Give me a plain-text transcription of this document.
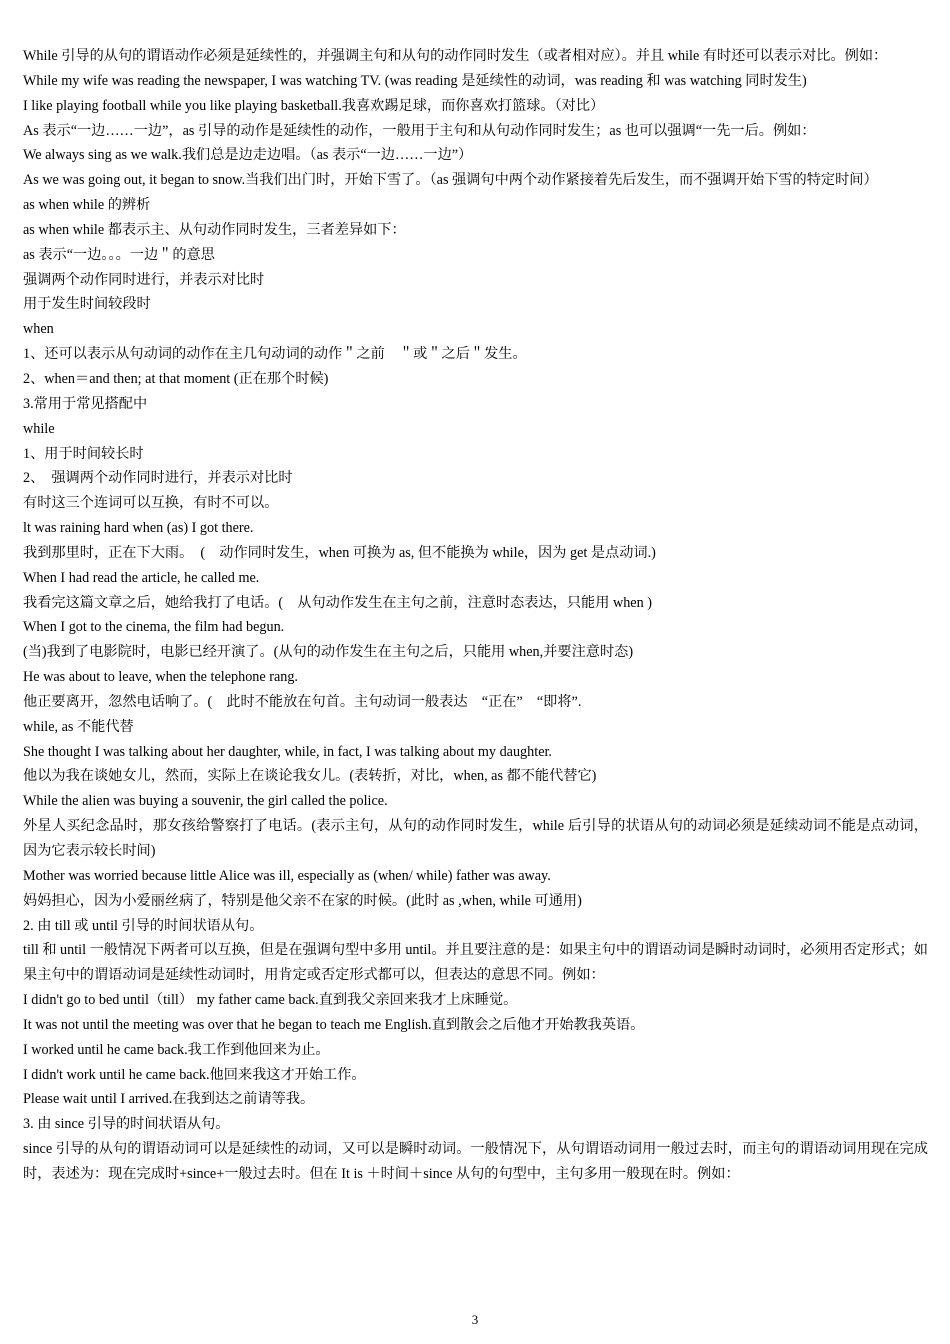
While 引导的从句的谓语动作必须是延续性的，并强调主句和从句的动作同时发生（或者相对应）。并且 while 有时还可以表示对比。例如：
While my wife was reading the newspaper, I was watching TV. (was reading 是延续性的动词，was reading 和 was watching 同时发生)
I like playing football while you like playing basketball.我喜欢踢足球，而你喜欢打篮球。（对比）
As 表示“一边……一边”，as 引导的动作是延续性的动作，一般用于主句和从句动作同时发生；as 也可以强调“一先一后。例如：
We always sing as we walk.我们总是边走边唱。（as 表示“一边……一边”）
As we was going out, it began to snow.当我们出门时，开始下雪了。（as 强调句中两个动作紧接着先后发生，而不强调开始下雪的特定时间）
as when while 的辨析
as when while 都表示主、从句动作同时发生，三者差异如下：
as 表示“一边。。。一边＂的意思
强调两个动作同时进行，并表示对比时
用于发生时间较段时
when
1、还可以表示从句动词的动作在主几句动词的动作＂之前　＂或＂之后＂发生。
2、when＝and then; at that moment (正在那个时候)
3.常用于常见搭配中
while
1、用于时间较长时
2、　强调两个动作同时进行，并表示对比时
有时这三个连词可以互换，有时不可以。
lt was raining hard when (as) I got there.
我到那里时，正在下大雨。　(　动作同时发生，when 可换为 as, 但不能换为 while，因为 get 是点动词.)
When I had read the article, he called me.
我看完这篇文章之后，她给我打了电话。(　从句动作发生在主句之前，注意时态表达，只能用 when )
When I got to the cinema, the film had begun.
(当)我到了电影院时，电影已经开演了。(从句的动作发生在主句之后，只能用 when,并要注意时态)
He was about to leave, when the telephone rang.
他正要离开，忽然电话响了。(　此时不能放在句首。主句动词一般表达　“正在”　“即将”.
while, as 不能代替
She thought I was talking about her daughter, while, in fact, I was talking about my daughter.
他以为我在谈她女儿，然而，实际上在谈论我女儿。(表转折，对比，when, as 都不能代替它)
While the alien was buying a souvenir, the girl called the police.
外星人买纪念品时，那女孩给警察打了电话。(表示主句，从句的动作同时发生，while 后引导的状语从句的动词必须是延续动词不能是点动词，因为它表示较长时间)
Mother was worried because little Alice was ill, especially as (when/ while) father was away.
妈妈担心，因为小爱丽丝病了，特别是他父亲不在家的时候。(此时 as ,when, while 可通用)
2. 由 till 或 until 引导的时间状语从句。
till 和 until 一般情况下两者可以互换，但是在强调句型中多用 until。并且要注意的是：如果主句中的谓语动词是瞬时动词时，必须用否定形式；如果主句中的谓语动词是延续性动词时，用肯定或否定形式都可以，但表达的意思不同。例如：
I didn't go to bed until（till） my father came back.直到我父亲回来我才上床睡觉。
It was not until the meeting was over that he began to teach me English.直到散会之后他才开始教我英语。
I worked until he came back.我工作到他回来为止。
I didn't work until he came back.他回来我这才开始工作。
Please wait until I arrived.在我到达之前请等我。
3. 由 since 引导的时间状语从句。
since 引导的从句的谓语动词可以是延续性的动词，又可以是瞬时动词。一般情况下，从句谓语动词用一般过去时，而主句的谓语动词用现在完成时，表述为：现在完成时+since+一般过去时。但在 It is ＋时间＋since 从句的句型中，主句多用一般现在时。例如：
3
